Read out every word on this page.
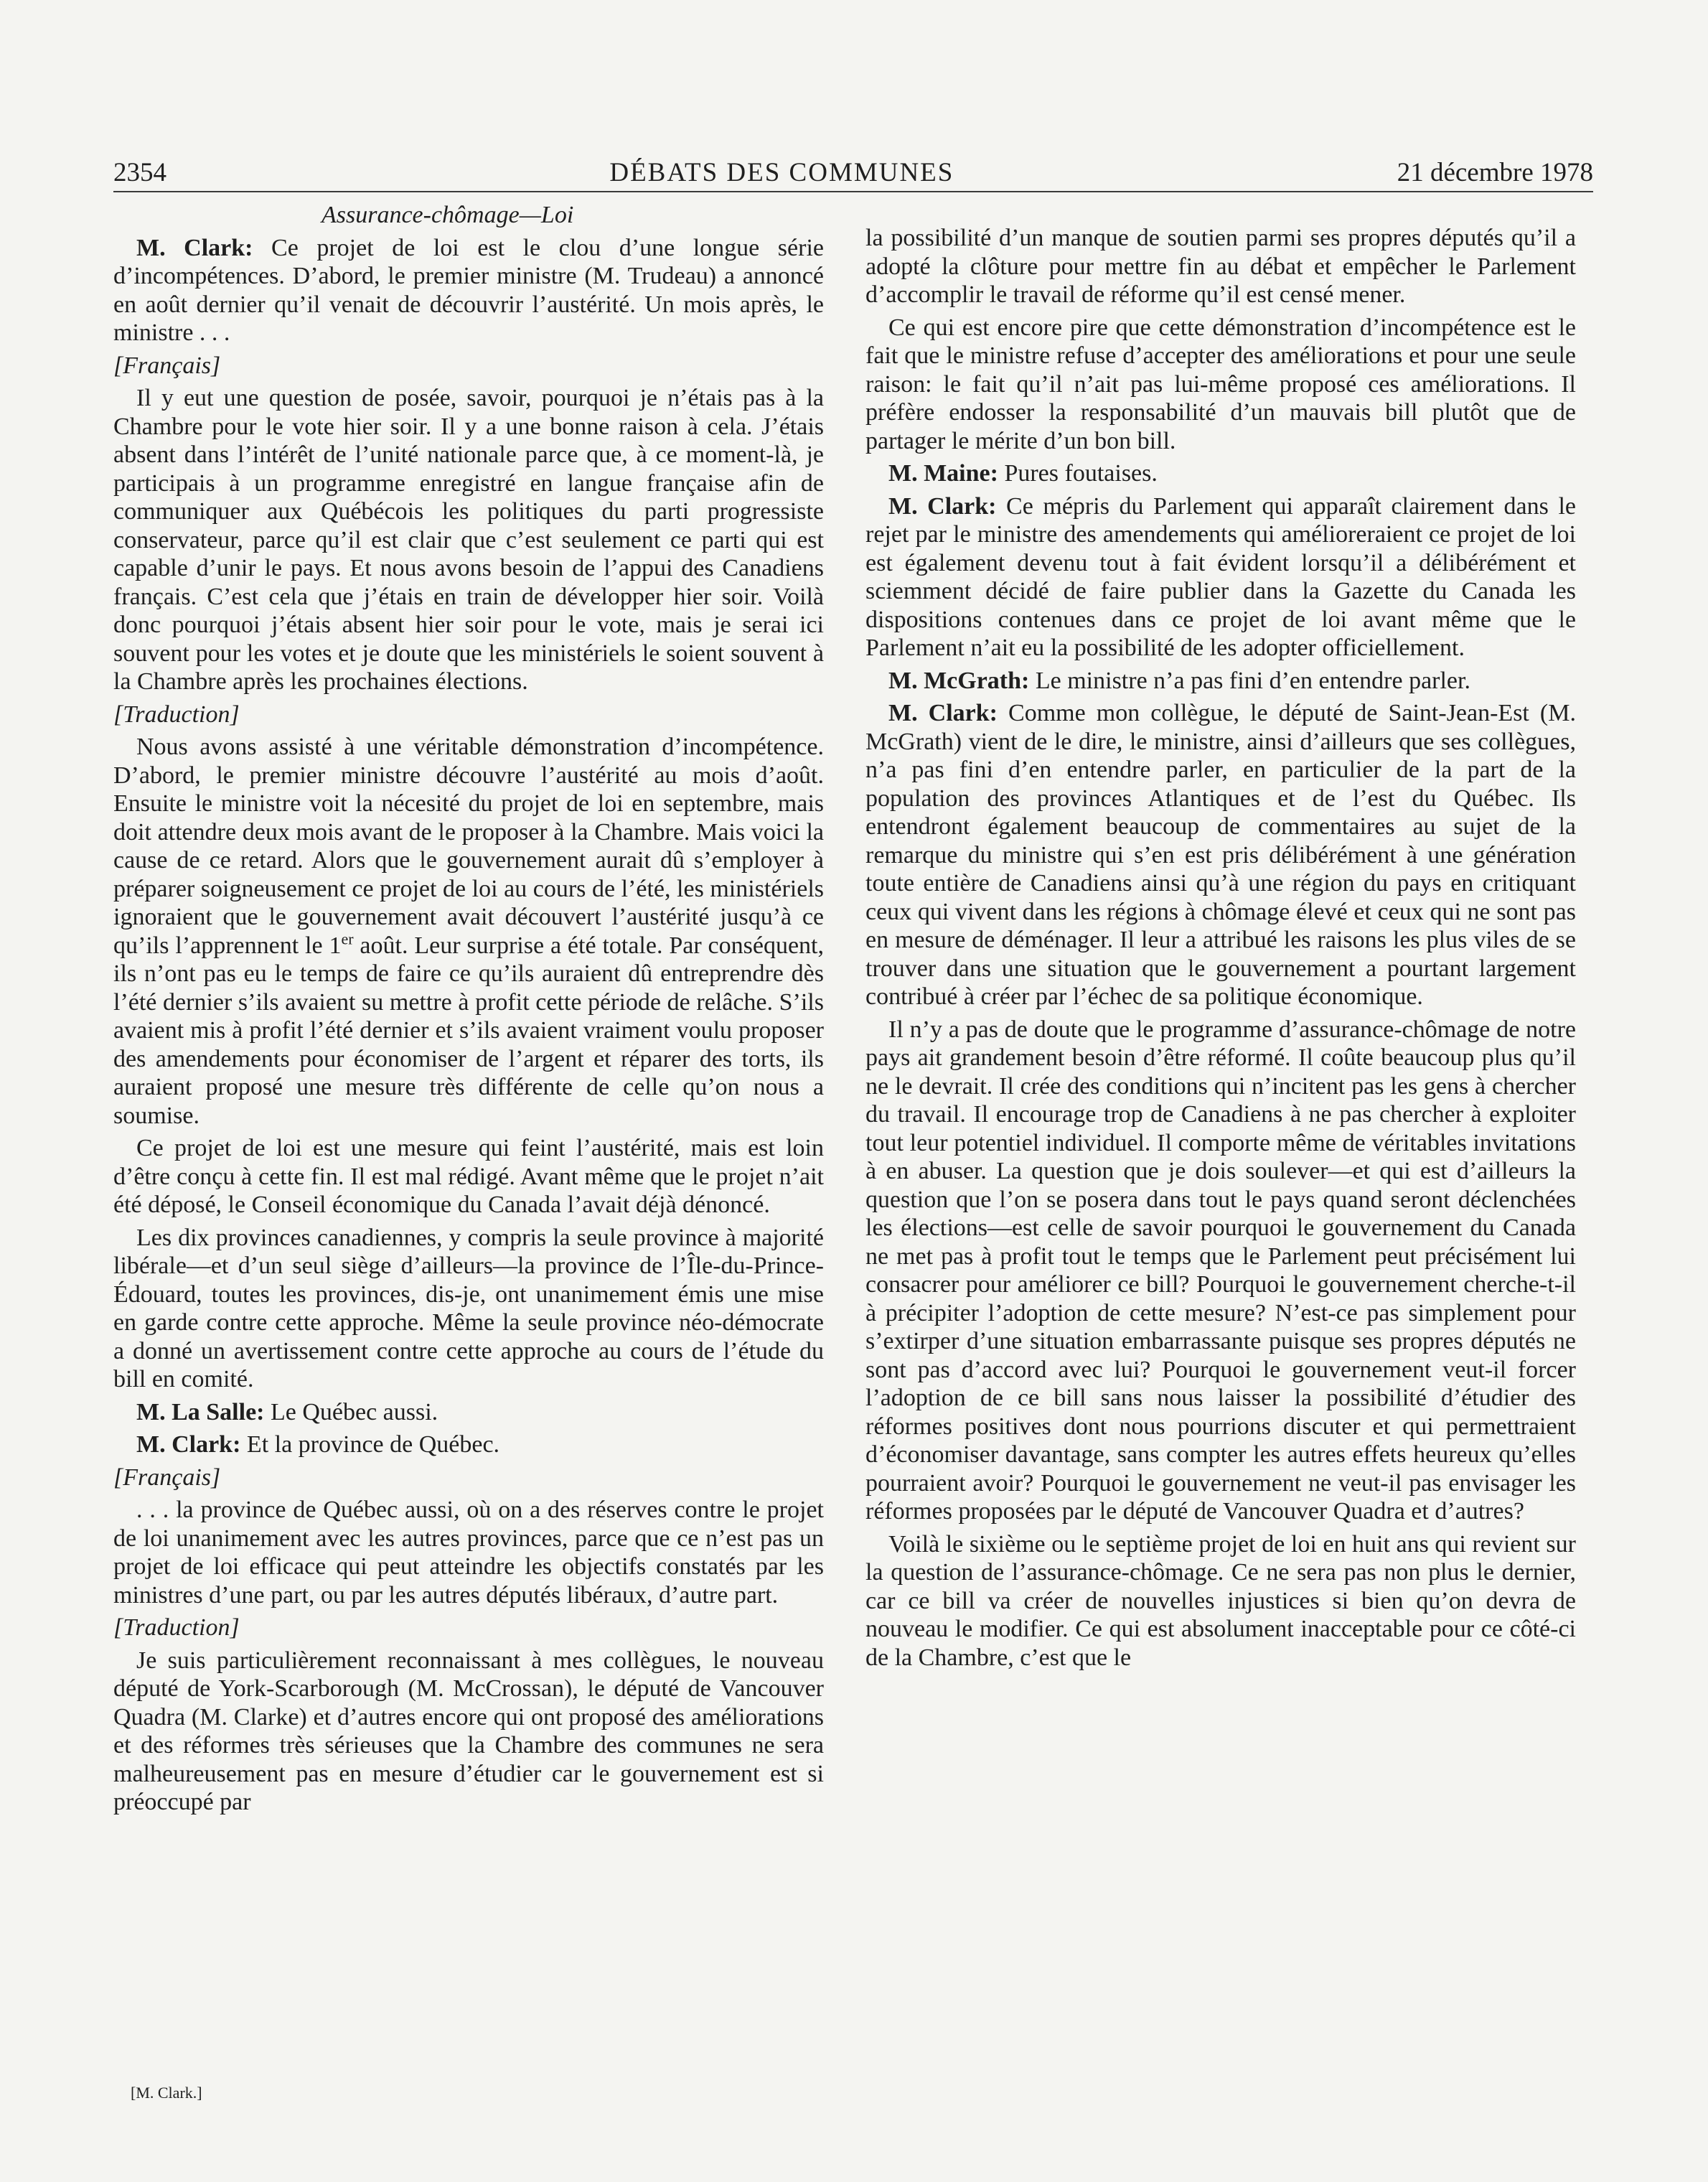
2354	DÉBATS DES COMMUNES	21 décembre 1978

Assurance-chômage—Loi

M. Clark: Ce projet de loi est le clou d’une longue série d’incompétences. D’abord, le premier ministre (M. Trudeau) a annoncé en août dernier qu’il venait de découvrir l’austérité. Un mois après, le ministre . . .

[Français]

Il y eut une question de posée, savoir, pourquoi je n’étais pas à la Chambre pour le vote hier soir. Il y a une bonne raison à cela. J’étais absent dans l’intérêt de l’unité nationale parce que, à ce moment-là, je participais à un programme enregistré en langue française afin de communiquer aux Québécois les politiques du parti progressiste conservateur, parce qu’il est clair que c’est seulement ce parti qui est capable d’unir le pays. Et nous avons besoin de l’appui des Canadiens français. C’est cela que j’étais en train de développer hier soir. Voilà donc pourquoi j’étais absent hier soir pour le vote, mais je serai ici souvent pour les votes et je doute que les ministériels le soient souvent à la Chambre après les prochaines élections.

[Traduction]

Nous avons assisté à une véritable démonstration d’incompétence. D’abord, le premier ministre découvre l’austérité au mois d’août. Ensuite le ministre voit la nécesité du projet de loi en septembre, mais doit attendre deux mois avant de le proposer à la Chambre. Mais voici la cause de ce retard. Alors que le gouvernement aurait dû s’employer à préparer soigneusement ce projet de loi au cours de l’été, les ministériels ignoraient que le gouvernement avait découvert l’austérité jusqu’à ce qu’ils l’apprennent le 1er août. Leur surprise a été totale. Par conséquent, ils n’ont pas eu le temps de faire ce qu’ils auraient dû entreprendre dès l’été dernier s’ils avaient su mettre à profit cette période de relâche. S’ils avaient mis à profit l’été dernier et s’ils avaient vraiment voulu proposer des amendements pour économiser de l’argent et réparer des torts, ils auraient proposé une mesure très différente de celle qu’on nous a soumise.

Ce projet de loi est une mesure qui feint l’austérité, mais est loin d’être conçu à cette fin. Il est mal rédigé. Avant même que le projet n’ait été déposé, le Conseil économique du Canada l’avait déjà dénoncé.

Les dix provinces canadiennes, y compris la seule province à majorité libérale—et d’un seul siège d’ailleurs—la province de l’Île-du-Prince-Édouard, toutes les provinces, dis-je, ont unanimement émis une mise en garde contre cette approche. Même la seule province néo-démocrate a donné un avertissement contre cette approche au cours de l’étude du bill en comité.

M. La Salle: Le Québec aussi.

M. Clark: Et la province de Québec.

[Français]

. . . la province de Québec aussi, où on a des réserves contre le projet de loi unanimement avec les autres provinces, parce que ce n’est pas un projet de loi efficace qui peut atteindre les objectifs constatés par les ministres d’une part, ou par les autres députés libéraux, d’autre part.

[Traduction]

Je suis particulièrement reconnaissant à mes collègues, le nouveau député de York-Scarborough (M. McCrossan), le député de Vancouver Quadra (M. Clarke) et d’autres encore qui ont proposé des améliorations et des réformes très sérieuses que la Chambre des communes ne sera malheureusement pas en mesure d’étudier car le gouvernement est si préoccupé par

la possibilité d’un manque de soutien parmi ses propres députés qu’il a adopté la clôture pour mettre fin au débat et empêcher le Parlement d’accomplir le travail de réforme qu’il est censé mener.

Ce qui est encore pire que cette démonstration d’incompétence est le fait que le ministre refuse d’accepter des améliorations et pour une seule raison: le fait qu’il n’ait pas lui-même proposé ces améliorations. Il préfère endosser la responsabilité d’un mauvais bill plutôt que de partager le mérite d’un bon bill.

M. Maine: Pures foutaises.

M. Clark: Ce mépris du Parlement qui apparaît clairement dans le rejet par le ministre des amendements qui amélioreraient ce projet de loi est également devenu tout à fait évident lorsqu’il a délibérément et sciemment décidé de faire publier dans la Gazette du Canada les dispositions contenues dans ce projet de loi avant même que le Parlement n’ait eu la possibilité de les adopter officiellement.

M. McGrath: Le ministre n’a pas fini d’en entendre parler.

M. Clark: Comme mon collègue, le député de Saint-Jean-Est (M. McGrath) vient de le dire, le ministre, ainsi d’ailleurs que ses collègues, n’a pas fini d’en entendre parler, en particulier de la part de la population des provinces Atlantiques et de l’est du Québec. Ils entendront également beaucoup de commentaires au sujet de la remarque du ministre qui s’en est pris délibérément à une génération toute entière de Canadiens ainsi qu’à une région du pays en critiquant ceux qui vivent dans les régions à chômage élevé et ceux qui ne sont pas en mesure de déménager. Il leur a attribué les raisons les plus viles de se trouver dans une situation que le gouvernement a pourtant largement contribué à créer par l’échec de sa politique économique.

Il n’y a pas de doute que le programme d’assurance-chômage de notre pays ait grandement besoin d’être réformé. Il coûte beaucoup plus qu’il ne le devrait. Il crée des conditions qui n’incitent pas les gens à chercher du travail. Il encourage trop de Canadiens à ne pas chercher à exploiter tout leur potentiel individuel. Il comporte même de véritables invitations à en abuser. La question que je dois soulever—et qui est d’ailleurs la question que l’on se posera dans tout le pays quand seront déclenchées les élections—est celle de savoir pourquoi le gouvernement du Canada ne met pas à profit tout le temps que le Parlement peut précisément lui consacrer pour améliorer ce bill? Pourquoi le gouvernement cherche-t-il à précipiter l’adoption de cette mesure? N’est-ce pas simplement pour s’extirper d’une situation embarrassante puisque ses propres députés ne sont pas d’accord avec lui? Pourquoi le gouvernement veut-il forcer l’adoption de ce bill sans nous laisser la possibilité d’étudier des réformes positives dont nous pourrions discuter et qui permettraient d’économiser davantage, sans compter les autres effets heureux qu’elles pourraient avoir? Pourquoi le gouvernement ne veut-il pas envisager les réformes proposées par le député de Vancouver Quadra et d’autres?

Voilà le sixième ou le septième projet de loi en huit ans qui revient sur la question de l’assurance-chômage. Ce ne sera pas non plus le dernier, car ce bill va créer de nouvelles injustices si bien qu’on devra de nouveau le modifier. Ce qui est absolument inacceptable pour ce côté-ci de la Chambre, c’est que le

[M. Clark.]
